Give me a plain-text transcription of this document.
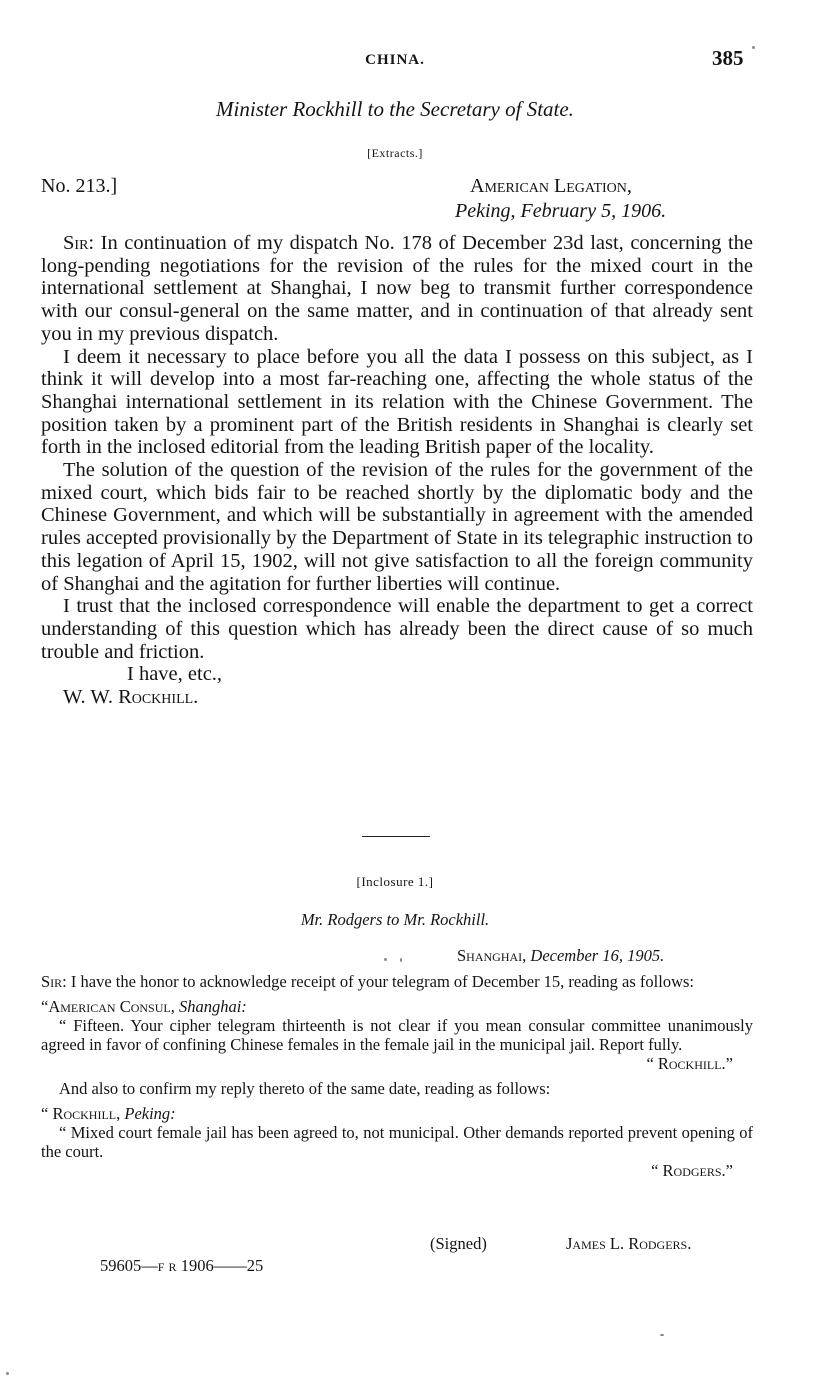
CHINA.	385
Minister Rockhill to the Secretary of State.
[Extracts.]
No. 213.]	American Legation,
Peking, February 5, 1906.

Sir: In continuation of my dispatch No. 178 of December 23d last, concerning the long-pending negotiations for the revision of the rules for the mixed court in the international settlement at Shanghai, I now beg to transmit further correspondence with our consul-general on the same matter, and in continuation of that already sent you in my previous dispatch.

I deem it necessary to place before you all the data I possess on this subject, as I think it will develop into a most far-reaching one, affecting the whole status of the Shanghai international settlement in its relation with the Chinese Government. The position taken by a prominent part of the British residents in Shanghai is clearly set forth in the inclosed editorial from the leading British paper of the locality.

The solution of the question of the revision of the rules for the government of the mixed court, which bids fair to be reached shortly by the diplomatic body and the Chinese Government, and which will be substantially in agreement with the amended rules accepted provisionally by the Department of State in its telegraphic instruction to this legation of April 15, 1902, will not give satisfaction to all the foreign community of Shanghai and the agitation for further liberties will continue.

I trust that the inclosed correspondence will enable the department to get a correct understanding of this question which has already been the direct cause of so much trouble and friction.

I have, etc.,

W. W. Rockhill.

[Inclosure 1.]
Mr. Rodgers to Mr. Rockhill.
Shanghai, December 16, 1905.

Sir: I have the honor to acknowledge receipt of your telegram of December 15, reading as follows:

“American Consul, Shanghai:

“ Fifteen. Your cipher telegram thirteenth is not clear if you mean consular committee unanimously agreed in favor of confining Chinese females in the female jail in the municipal jail. Report fully.

“ Rockhill.”

And also to confirm my reply thereto of the same date, reading as follows:

“ Rockhill, Peking:

“ Mixed court female jail has been agreed to, not municipal. Other demands reported prevent opening of the court.

“ Rodgers.”

(Signed)	James L. Rodgers.
59605—f r 1906——25
